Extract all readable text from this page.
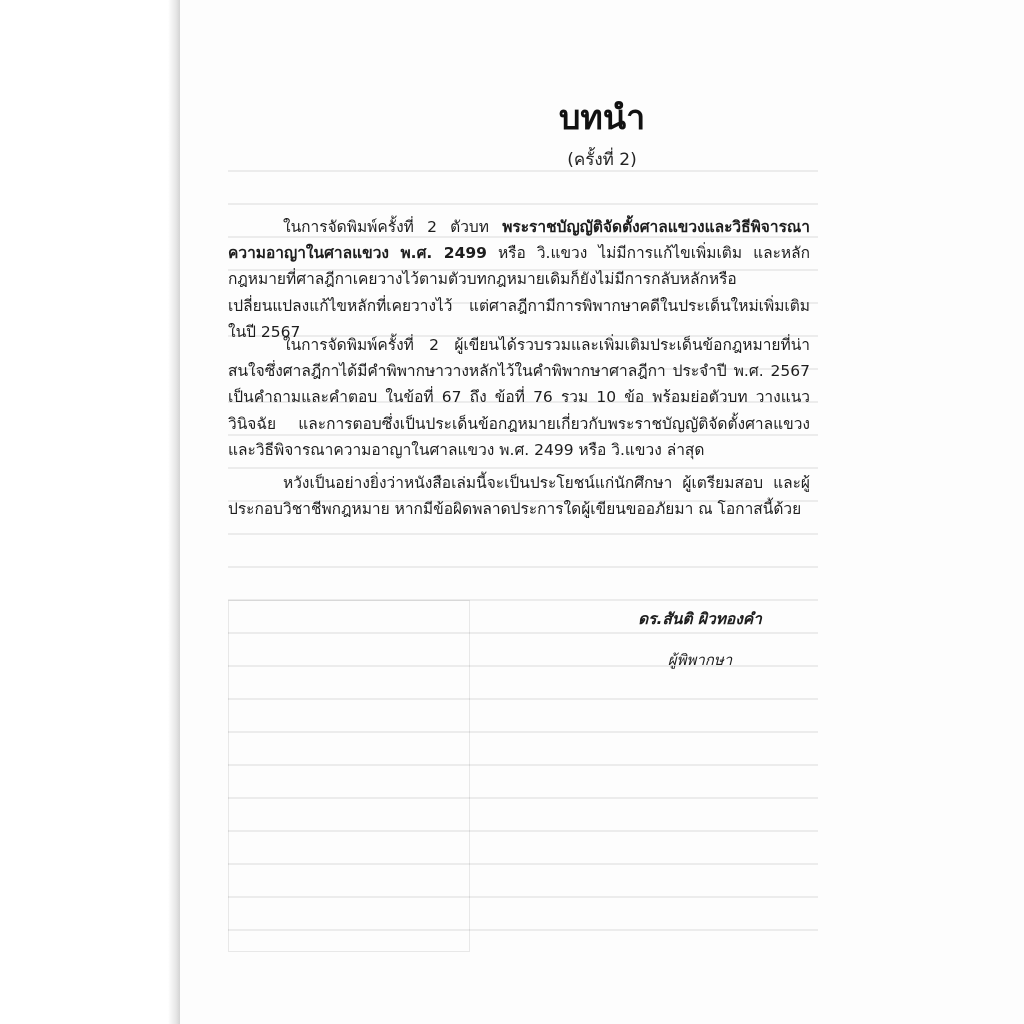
บทนำ
(ครั้งที่ 2)
ในการจัดพิมพ์ครั้งที่ 2 ตัวบท พระราชบัญญัติจัดตั้งศาลแขวงและวิธีพิจารณาความอาญาในศาลแขวง พ.ศ. 2499 หรือ วิ.แขวง ไม่มีการแก้ไขเพิ่มเติม และหลักกฎหมายที่ศาลฎีกาเคยวางไว้ตามตัวบทกฎหมายเดิมก็ยังไม่มีการกลับหลักหรือเปลี่ยนแปลงแก้ไขหลักที่เคยวางไว้ แต่ศาลฎีกามีการพิพากษาคดีในประเด็นใหม่เพิ่มเติมในปี 2567
ในการจัดพิมพ์ครั้งที่ 2 ผู้เขียนได้รวบรวมและเพิ่มเติมประเด็นข้อกฎหมายที่น่าสนใจซึ่งศาลฎีกาได้มีคำพิพากษาวางหลักไว้ในคำพิพากษาศาลฎีกา ประจำปี พ.ศ. 2567 เป็นคำถามและคำตอบ ในข้อที่ 67 ถึง ข้อที่ 76 รวม 10 ข้อ พร้อมย่อตัวบท วางแนววินิจฉัย และการตอบซึ่งเป็นประเด็นข้อกฎหมายเกี่ยวกับพระราชบัญญัติจัดตั้งศาลแขวงและวิธีพิจารณาความอาญาในศาลแขวง พ.ศ. 2499 หรือ วิ.แขวง ล่าสุด
หวังเป็นอย่างยิ่งว่าหนังสือเล่มนี้จะเป็นประโยชน์แก่นักศึกษา ผู้เตรียมสอบ และผู้ประกอบวิชาชีพกฎหมาย หากมีข้อผิดพลาดประการใดผู้เขียนขออภัยมา ณ โอกาสนี้ด้วย
ดร.สันติ ผิวทองคำ
ผู้พิพากษา
